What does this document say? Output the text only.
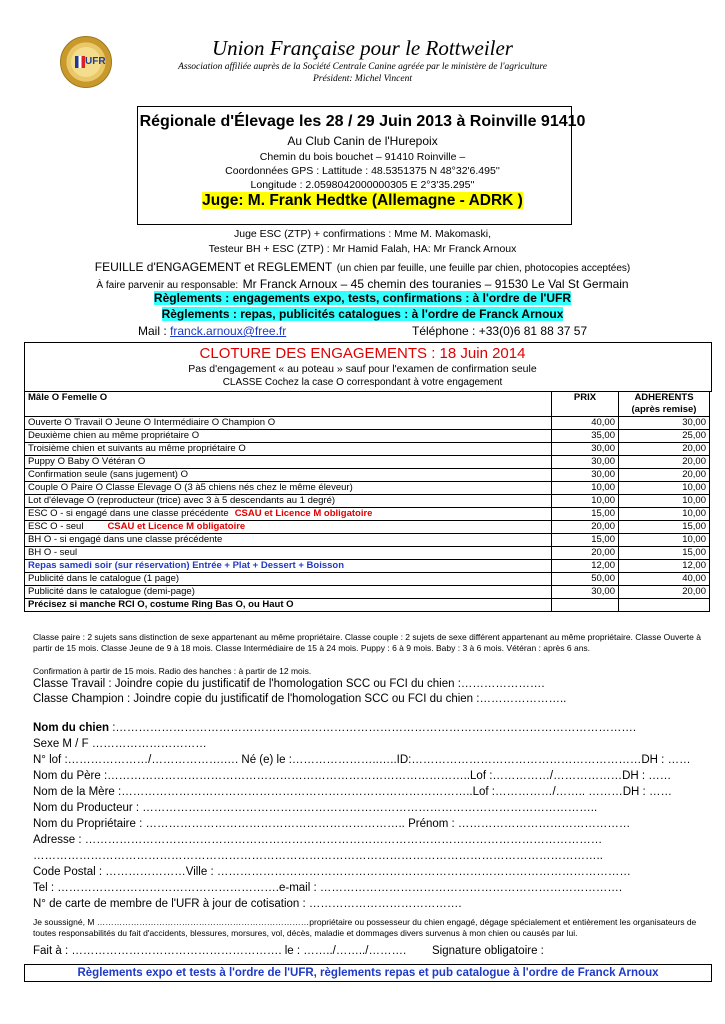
UFR
Union Française pour le Rottweiler
Association affiliée auprès de la Société Centrale Canine agréée par le ministère de l'agriculture
Président: Michel Vincent
Régionale d'Élevage les 28 / 29 Juin 2013 à Roinville 91410
Au Club Canin de l'Hurepoix
Chemin du bois bouchet – 91410 Roinville –
Coordonnées GPS : Lattitude : 48.5351375 N 48°32'6.495''
Longitude : 2.0598042000000305 E 2°3'35.295''
Juge: M. Frank Hedtke (Allemagne - ADRK )
Juge ESC (ZTP) + confirmations : Mme M. Makomaski,
Testeur BH + ESC (ZTP) : Mr Hamid Falah, HA: Mr Franck Arnoux
FEUILLE d'ENGAGEMENT et REGLEMENT (un chien par feuille, une feuille par chien, photocopies acceptées)
À faire parvenir au responsable: Mr Franck Arnoux – 45 chemin des touranies – 91530 Le Val St Germain
Règlements : engagements expo, tests, confirmations : à l'ordre de l'UFR
Règlements : repas, publicités catalogues : à l'ordre de Franck Arnoux
Mail : franck.arnoux@free.fr	Téléphone : +33(0)6 81 88 37 57
CLOTURE DES ENGAGEMENTS : 18 Juin 2014
Pas d'engagement « au poteau » sauf pour l'examen de confirmation seule
CLASSE Cochez la case O correspondant à votre engagement
Mâle O Femelle O	PRIX	ADHERENTS
		(après remise)
Ouverte O Travail O Jeune O Intermédiaire O Champion O	40,00	30,00
Deuxième chien au même propriétaire O	35,00	25,00
Troisième chien et suivants au même propriétaire O	30,00	20,00
Puppy O Baby O Vétéran O	30,00	20,00
Confirmation seule (sans jugement) O	30,00	20,00
Couple O Paire O Classe Elevage O (3 à5 chiens nés chez le même éleveur)	10,00	10,00
Lot d'élevage O (reproducteur (trice) avec 3 à 5 descendants au 1 degré)	10,00	10,00
ESC O - si engagé dans une classe précédente CSAU et Licence M obligatoire	15,00	10,00
ESC O - seul CSAU et Licence M obligatoire	20,00	15,00
BH O - si engagé dans une classe précédente	15,00	10,00
BH O - seul	20,00	15,00
Repas samedi soir (sur réservation) Entrée + Plat + Dessert + Boisson	12,00	12,00
Publicité dans le catalogue (1 page)	50,00	40,00
Publicité dans le catalogue (demi-page)	30,00	20,00
Précisez si manche RCI O, costume Ring Bas O, ou Haut O		
Classe paire : 2 sujets sans distinction de sexe appartenant au même propriétaire. Classe couple : 2 sujets de sexe différent appartenant au même propriétaire. Classe Ouverte à partir de 15 mois. Classe Jeune de 9 à 18 mois. Classe Intermédiaire de 15 à 24 mois. Puppy : 6 à 9 mois. Baby : 3 à 6 mois. Vétéran : après 6 ans.
Confirmation à partir de 15 mois. Radio des hanches : à partir de 12 mois.
Classe Travail : Joindre copie du justificatif de l'homologation SCC ou FCI du chien :………………….
Classe Champion : Joindre copie du justificatif de l'homologation SCC ou FCI du chien :…………………..
Nom du chien :……………………………………………………………………………………………………………………….
Sexe M / F …………………………
N° lof :…………………/……………….…. Né (e) le :…………………..…..ID:……………………………………………………DH : ……
Nom du Père :…………………………………………………………………………………..Lof :……………/………………DH : ……
Nom de la Mère :………………………………………………………………………………..Lof :……………/…….. ………DH : ……
Nom du Producteur : ………………………………………………………………………………………………………..
Nom du Propriétaire : ………………………………………………………….. Prénom : ………………………………………
Adresse : ………………………………………………………………………………………………………………………
…………………………………………………………………………………………………………………………………..
Code Postal : …………………Ville : ………………………………………………………………………………………………
Tel : ………………………………………………….e-mail : …………………………………………………………………….
N° de carte de membre de l'UFR à jour de cotisation : ………………………………….
Je soussigné, M …………………………………………………………………propriétaire ou possesseur du chien engagé, dégage spécialement et entièrement les organisateurs de toutes responsabilités du fait d'accidents, blessures, morsures, vol, décès, maladie et dommages divers survenus à mon chien ou causés par lui.
Fait à : ………………………………………………. le : ……../……../………. Signature obligatoire :
Règlements expo et tests à l'ordre de l'UFR, règlements repas et pub catalogue à l'ordre de Franck Arnoux
